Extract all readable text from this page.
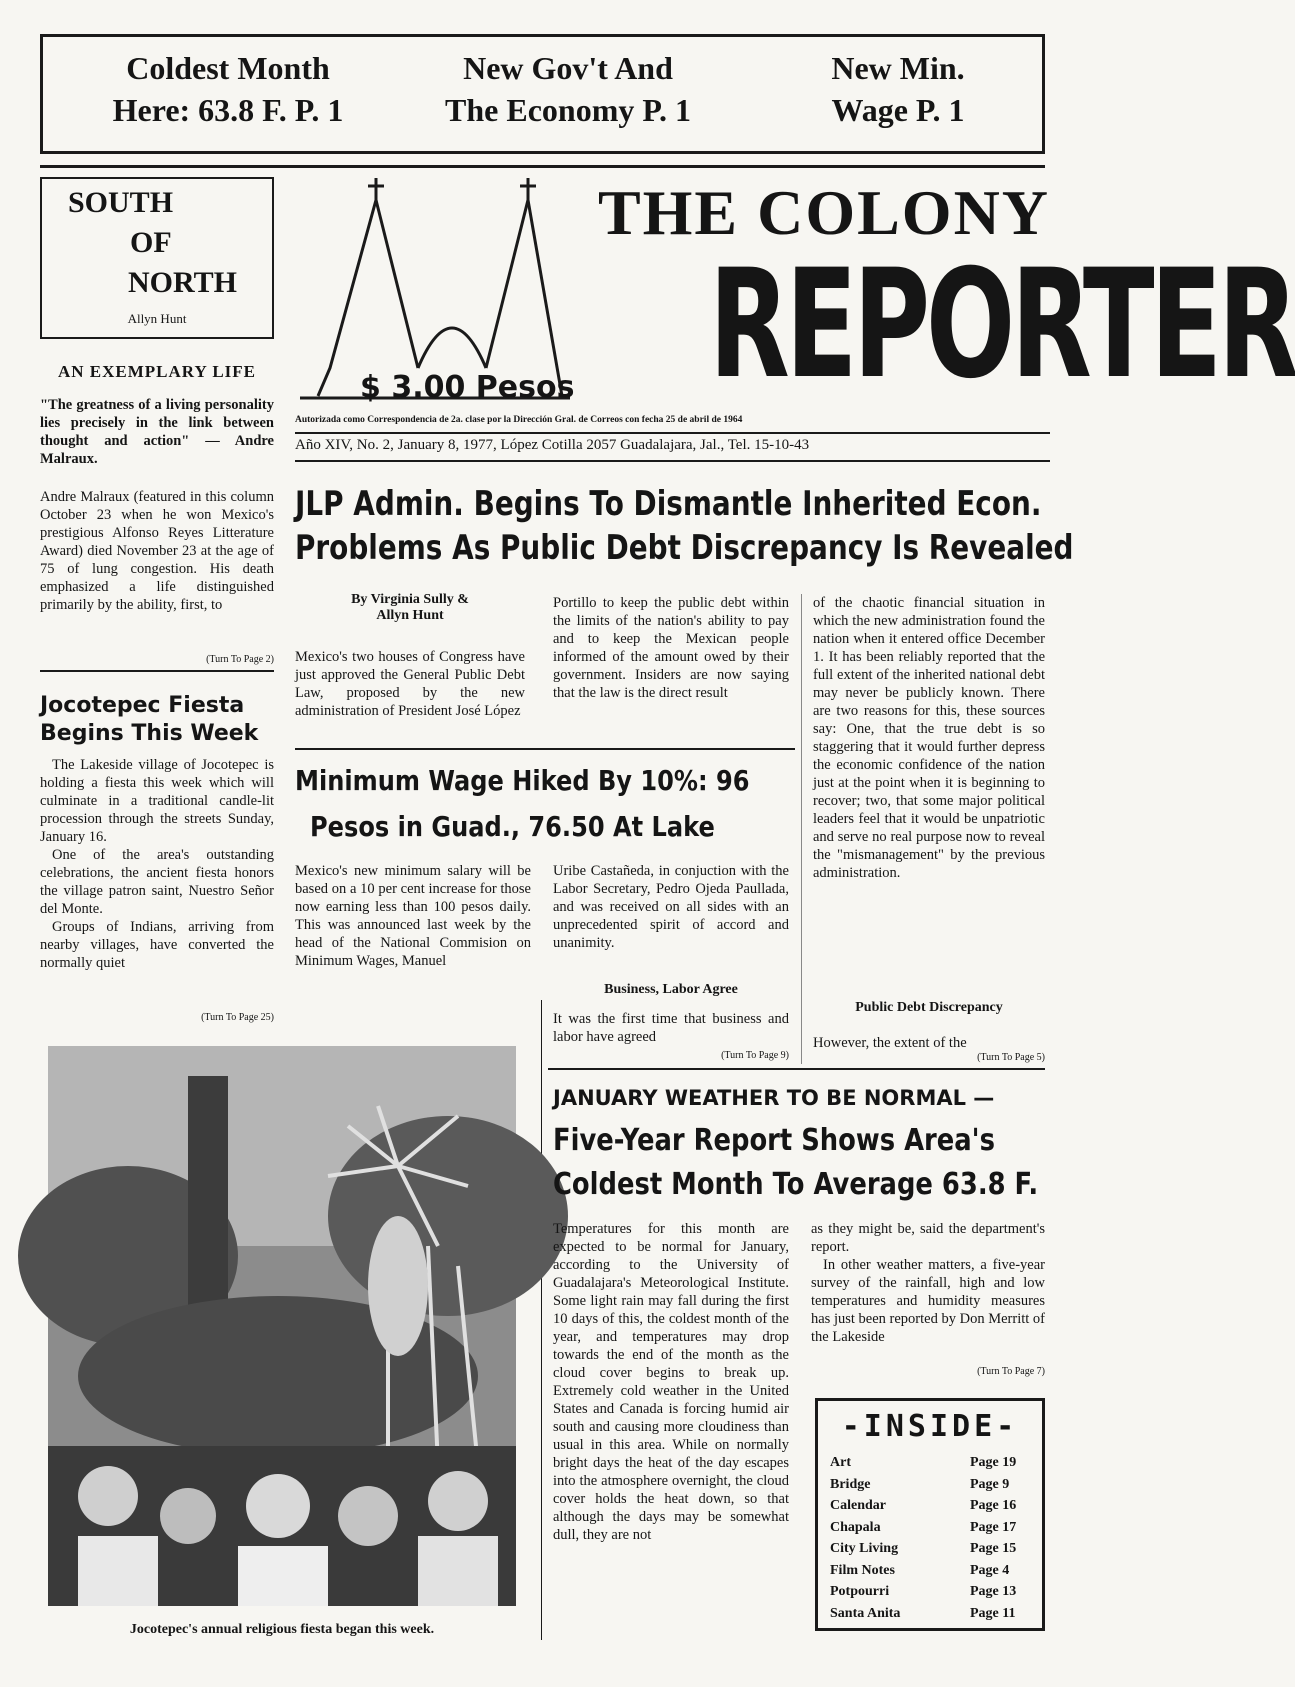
Coldest Month
Here: 63.8 F. P. 1
New Gov't And
The Economy P. 1
New Min.
Wage P. 1
SOUTH
OF
NORTH
Allyn Hunt
AN EXEMPLARY LIFE
"The greatness of a living personality lies precisely in the link between thought and action" — Andre Malraux.
Andre Malraux (featured in this column October 23 when he won Mexico's prestigious Alfonso Reyes Litterature Award) died November 23 at the age of 75 of lung congestion. His death emphasized a life distinguished primarily by the ability, first, to
(Turn To Page 2)
Jocotepec Fiesta
Begins This Week
The Lakeside village of Jocotepec is holding a fiesta this week which will culminate in a traditional candle-lit procession through the streets Sunday, January 16.
One of the area's outstanding celebrations, the ancient fiesta honors the village patron saint, Nuestro Señor del Monte.
Groups of Indians, arriving from nearby villages, have converted the normally quiet
(Turn To Page 25)
$ 3.00 Pesos
THE COLONY
REPORTER
Autorizada como Correspondencia de 2a. clase por la Dirección Gral. de Correos con fecha 25 de abril de 1964
Año XIV, No. 2, January 8, 1977, López Cotilla 2057 Guadalajara, Jal., Tel. 15-10-43
JLP Admin. Begins To Dismantle Inherited Econ.
Problems As Public Debt Discrepancy Is Revealed
By Virginia Sully &
Allyn Hunt
Mexico's two houses of Congress have just approved the General Public Debt Law, proposed by the new administration of President José López
Portillo to keep the public debt within the limits of the nation's ability to pay and to keep the Mexican people informed of the amount owed by their government. Insiders are now saying that the law is the direct result
of the chaotic financial situation in which the new administration found the nation when it entered office December 1. It has been reliably reported that the full extent of the inherited national debt may never be publicly known. There are two reasons for this, these sources say: One, that the true debt is so staggering that it would further depress the economic confidence of the nation just at the point when it is beginning to recover; two, that some major political leaders feel that it would be unpatriotic and serve no real purpose now to reveal the "mismanagement" by the previous administration.
Public Debt Discrepancy
However, the extent of the
(Turn To Page 5)
Minimum Wage Hiked By 10%: 96
Pesos in Guad., 76.50 At Lake
Mexico's new minimum salary will be based on a 10 per cent increase for those now earning less than 100 pesos daily. This was announced last week by the head of the National Commision on Minimum Wages, Manuel
Uribe Castañeda, in conjuction with the Labor Secretary, Pedro Ojeda Paullada, and was received on all sides with an unprecedented spirit of accord and unanimity.
Business, Labor Agree
It was the first time that business and labor have agreed
(Turn To Page 9)
Jocotepec's annual religious fiesta began this week.
JANUARY WEATHER TO BE NORMAL —
Five-Year Report Shows Area's
Coldest Month To Average 63.8 F.
Temperatures for this month are expected to be normal for January, according to the University of Guadalajara's Meteorological Institute. Some light rain may fall during the first 10 days of this, the coldest month of the year, and temperatures may drop towards the end of the month as the cloud cover begins to break up. Extremely cold weather in the United States and Canada is forcing humid air south and causing more cloudiness than usual in this area. While on normally bright days the heat of the day escapes into the atmosphere overnight, the cloud cover holds the heat down, so that although the days may be somewhat dull, they are not
as they might be, said the department's report.
In other weather matters, a five-year survey of the rainfall, high and low temperatures and humidity measures has just been reported by Don Merritt of the Lakeside
(Turn To Page 7)
-INSIDE-
Art	Page 19
Bridge	Page 9
Calendar	Page 16
Chapala	Page 17
City Living	Page 15
Film Notes	Page 4
Potpourri	Page 13
Santa Anita	Page 11
